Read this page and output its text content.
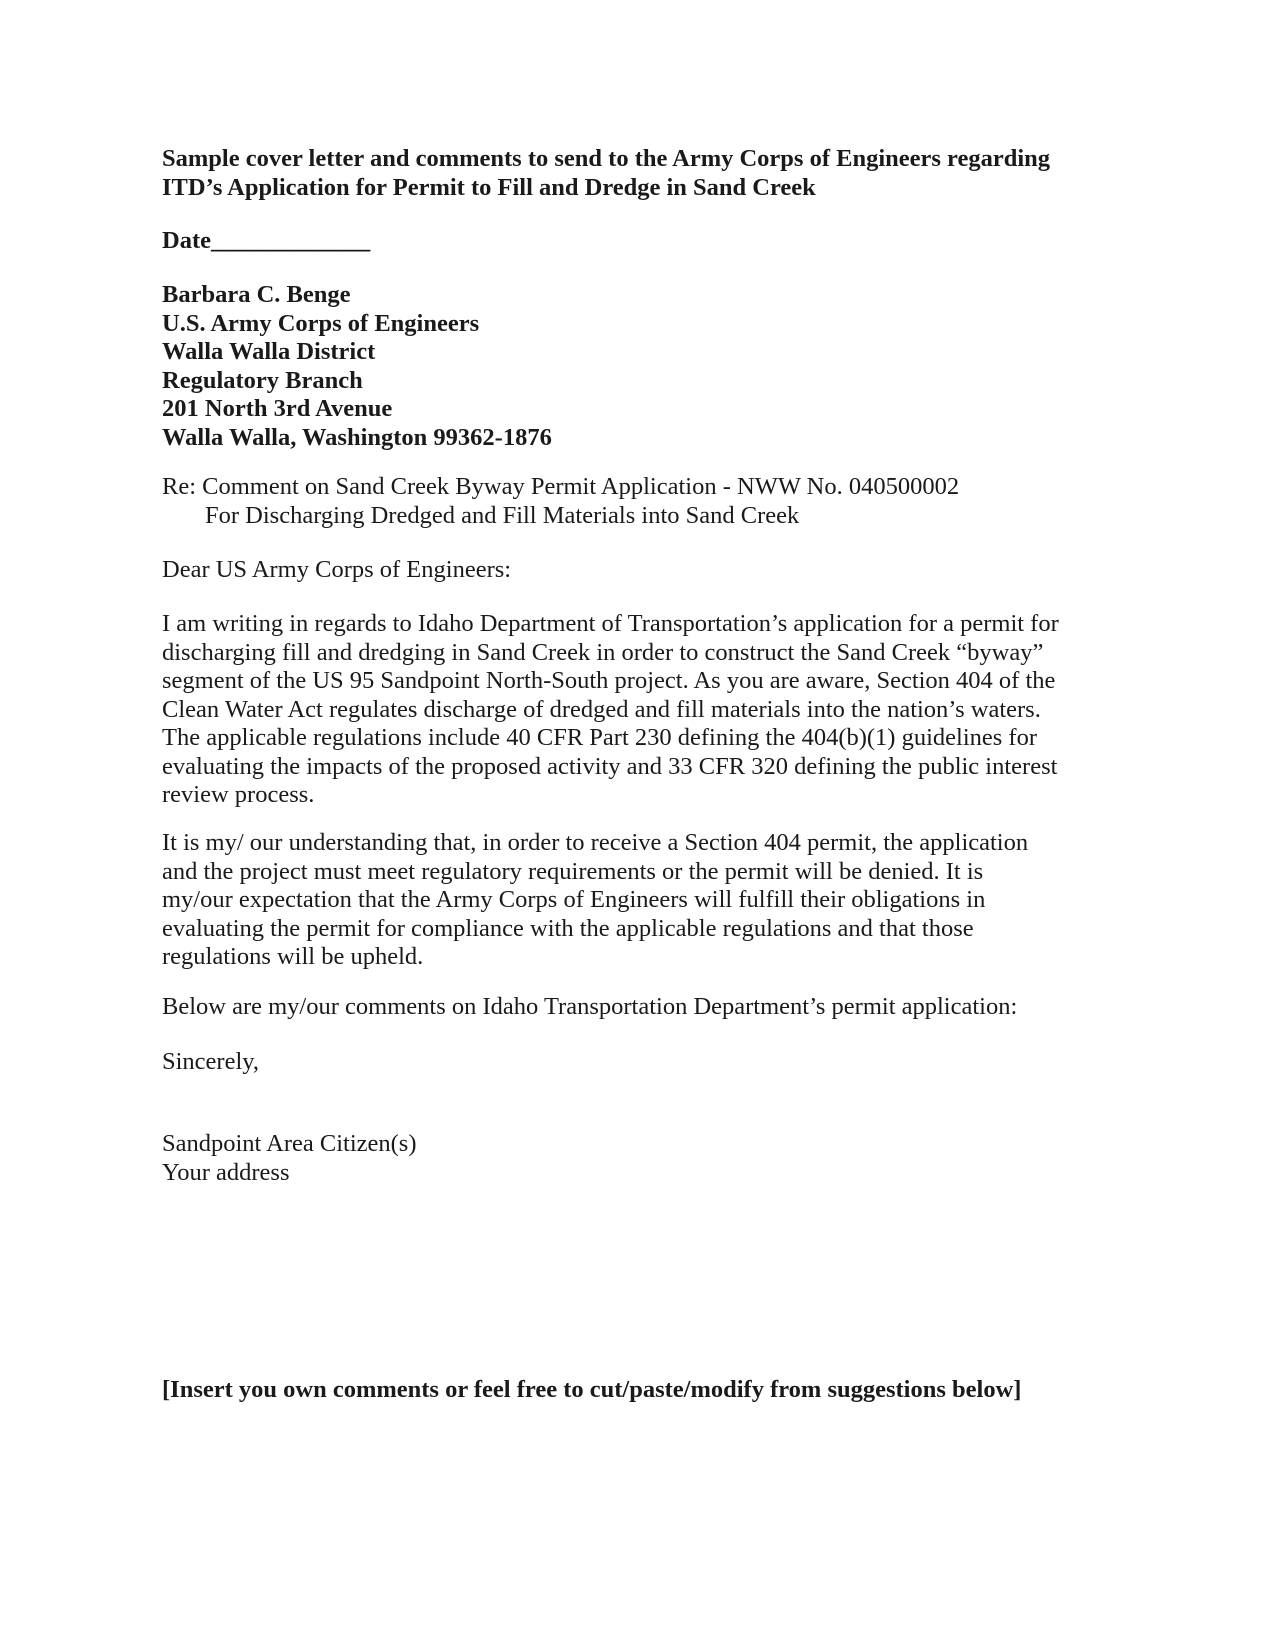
Sample cover letter and comments to send to the Army Corps of Engineers regarding
ITD’s Application for Permit to Fill and Dredge in Sand Creek
Date_____________
Barbara C. Benge
U.S. Army Corps of Engineers
Walla Walla District
Regulatory Branch
201 North 3rd Avenue
Walla Walla, Washington 99362-1876
Re: Comment on Sand Creek Byway Permit Application - NWW No. 040500002
For Discharging Dredged and Fill Materials into Sand Creek
Dear US Army Corps of Engineers:
I am writing in regards to Idaho Department of Transportation’s application for a permit for
discharging fill and dredging in Sand Creek in order to construct the Sand Creek “byway”
segment of the US 95 Sandpoint North-South project. As you are aware, Section 404 of the
Clean Water Act regulates discharge of dredged and fill materials into the nation’s waters.
The applicable regulations include 40 CFR Part 230 defining the 404(b)(1) guidelines for
evaluating the impacts of the proposed activity and 33 CFR 320 defining the public interest
review process.
It is my/ our understanding that, in order to receive a Section 404 permit, the application
and the project must meet regulatory requirements or the permit will be denied. It is
my/our expectation that the Army Corps of Engineers will fulfill their obligations in
evaluating the permit for compliance with the applicable regulations and that those
regulations will be upheld.
Below are my/our comments on Idaho Transportation Department’s permit application:
Sincerely,
Sandpoint Area Citizen(s)
Your address
[Insert you own comments or feel free to cut/paste/modify from suggestions below]
